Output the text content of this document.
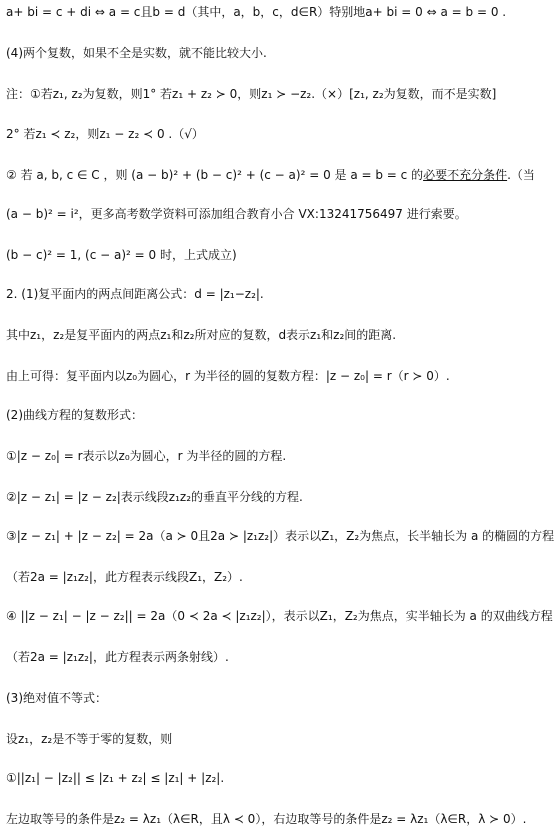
a+ bi = c + di ⇔ a = c且b = d（其中，a，b，c，d∈R）特别地a+ bi = 0 ⇔ a = b = 0 .
(4)两个复数，如果不全是实数，就不能比较大小.
注：①若z₁, z₂为复数，则1° 若z₁ + z₂ ≻ 0，则z₁ ≻ −z₂.（×）[z₁, z₂为复数，而不是实数]
2° 若z₁ ≺ z₂，则z₁ − z₂ ≺ 0 .（√）
② 若 a, b, c ∈ C ，则 (a − b)² + (b − c)² + (c − a)² = 0 是 a = b = c 的必要不充分条件.（当
(a − b)² = i²，更多高考数学资料可添加组合教育小合 VX:13241756497 进行索要。
(b − c)² = 1, (c − a)² = 0 时，上式成立)
2. (1)复平面内的两点间距离公式：d = |z₁−z₂|.
其中z₁，z₂是复平面内的两点z₁和z₂所对应的复数，d表示z₁和z₂间的距离.
由上可得：复平面内以z₀为圆心，r 为半径的圆的复数方程：|z − z₀| = r（r ≻ 0）.
(2)曲线方程的复数形式：
①|z − z₀| = r表示以z₀为圆心，r 为半径的圆的方程.
②|z − z₁| = |z − z₂|表示线段z₁z₂的垂直平分线的方程.
③|z − z₁| + |z − z₂| = 2a（a ≻ 0且2a ≻ |z₁z₂|）表示以Z₁，Z₂为焦点，长半轴长为 a 的椭圆的方程
（若2a = |z₁z₂|，此方程表示线段Z₁，Z₂）.
④ ||z − z₁| − |z − z₂|| = 2a（0 ≺ 2a ≺ |z₁z₂|），表示以Z₁，Z₂为焦点，实半轴长为 a 的双曲线方程
（若2a = |z₁z₂|，此方程表示两条射线）.
(3)绝对值不等式：
设z₁，z₂是不等于零的复数，则
①||z₁| − |z₂|| ≤ |z₁ + z₂| ≤ |z₁| + |z₂|.
左边取等号的条件是z₂ = λz₁（λ∈R，且λ ≺ 0），右边取等号的条件是z₂ = λz₁（λ∈R，λ ≻ 0）.
